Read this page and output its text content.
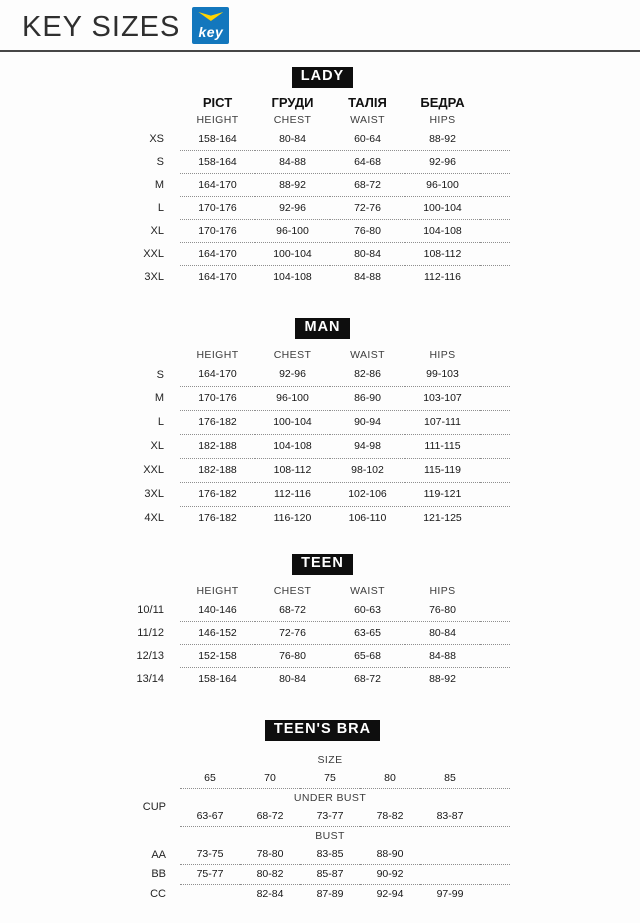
KEY SIZES key
LADY
	РІСТ	ГРУДИ	ТАЛІЯ	БЕДРА	
	HEIGHT	CHEST	WAIST	HIPS	
XS	158-164	80-84	60-64	88-92	
S	158-164	84-88	64-68	92-96	
M	164-170	88-92	68-72	96-100	
L	170-176	92-96	72-76	100-104	
XL	170-176	96-100	76-80	104-108	
XXL	164-170	100-104	80-84	108-112	
3XL	164-170	104-108	84-88	112-116	
MAN
	HEIGHT	CHEST	WAIST	HIPS	
S	164-170	92-96	82-86	99-103	
M	170-176	96-100	86-90	103-107	
L	176-182	100-104	90-94	107-111	
XL	182-188	104-108	94-98	111-115	
XXL	182-188	108-112	98-102	115-119	
3XL	176-182	112-116	102-106	119-121	
4XL	176-182	116-120	106-110	121-125	
TEEN
	HEIGHT	CHEST	WAIST	HIPS	
10/11	140-146	68-72	60-63	76-80	
11/12	146-152	72-76	63-65	80-84	
12/13	152-158	76-80	65-68	84-88	
13/14	158-164	80-84	68-72	88-92	
TEEN'S BRA
	SIZE					
	65	70	75	80	85	
CUP	UNDER BUST					
	63-67	68-72	73-77	78-82	83-87	
	BUST					
AA	73-75	78-80	83-85	88-90		
BB	75-77	80-82	85-87	90-92		
CC		82-84	87-89	92-94	97-99	
